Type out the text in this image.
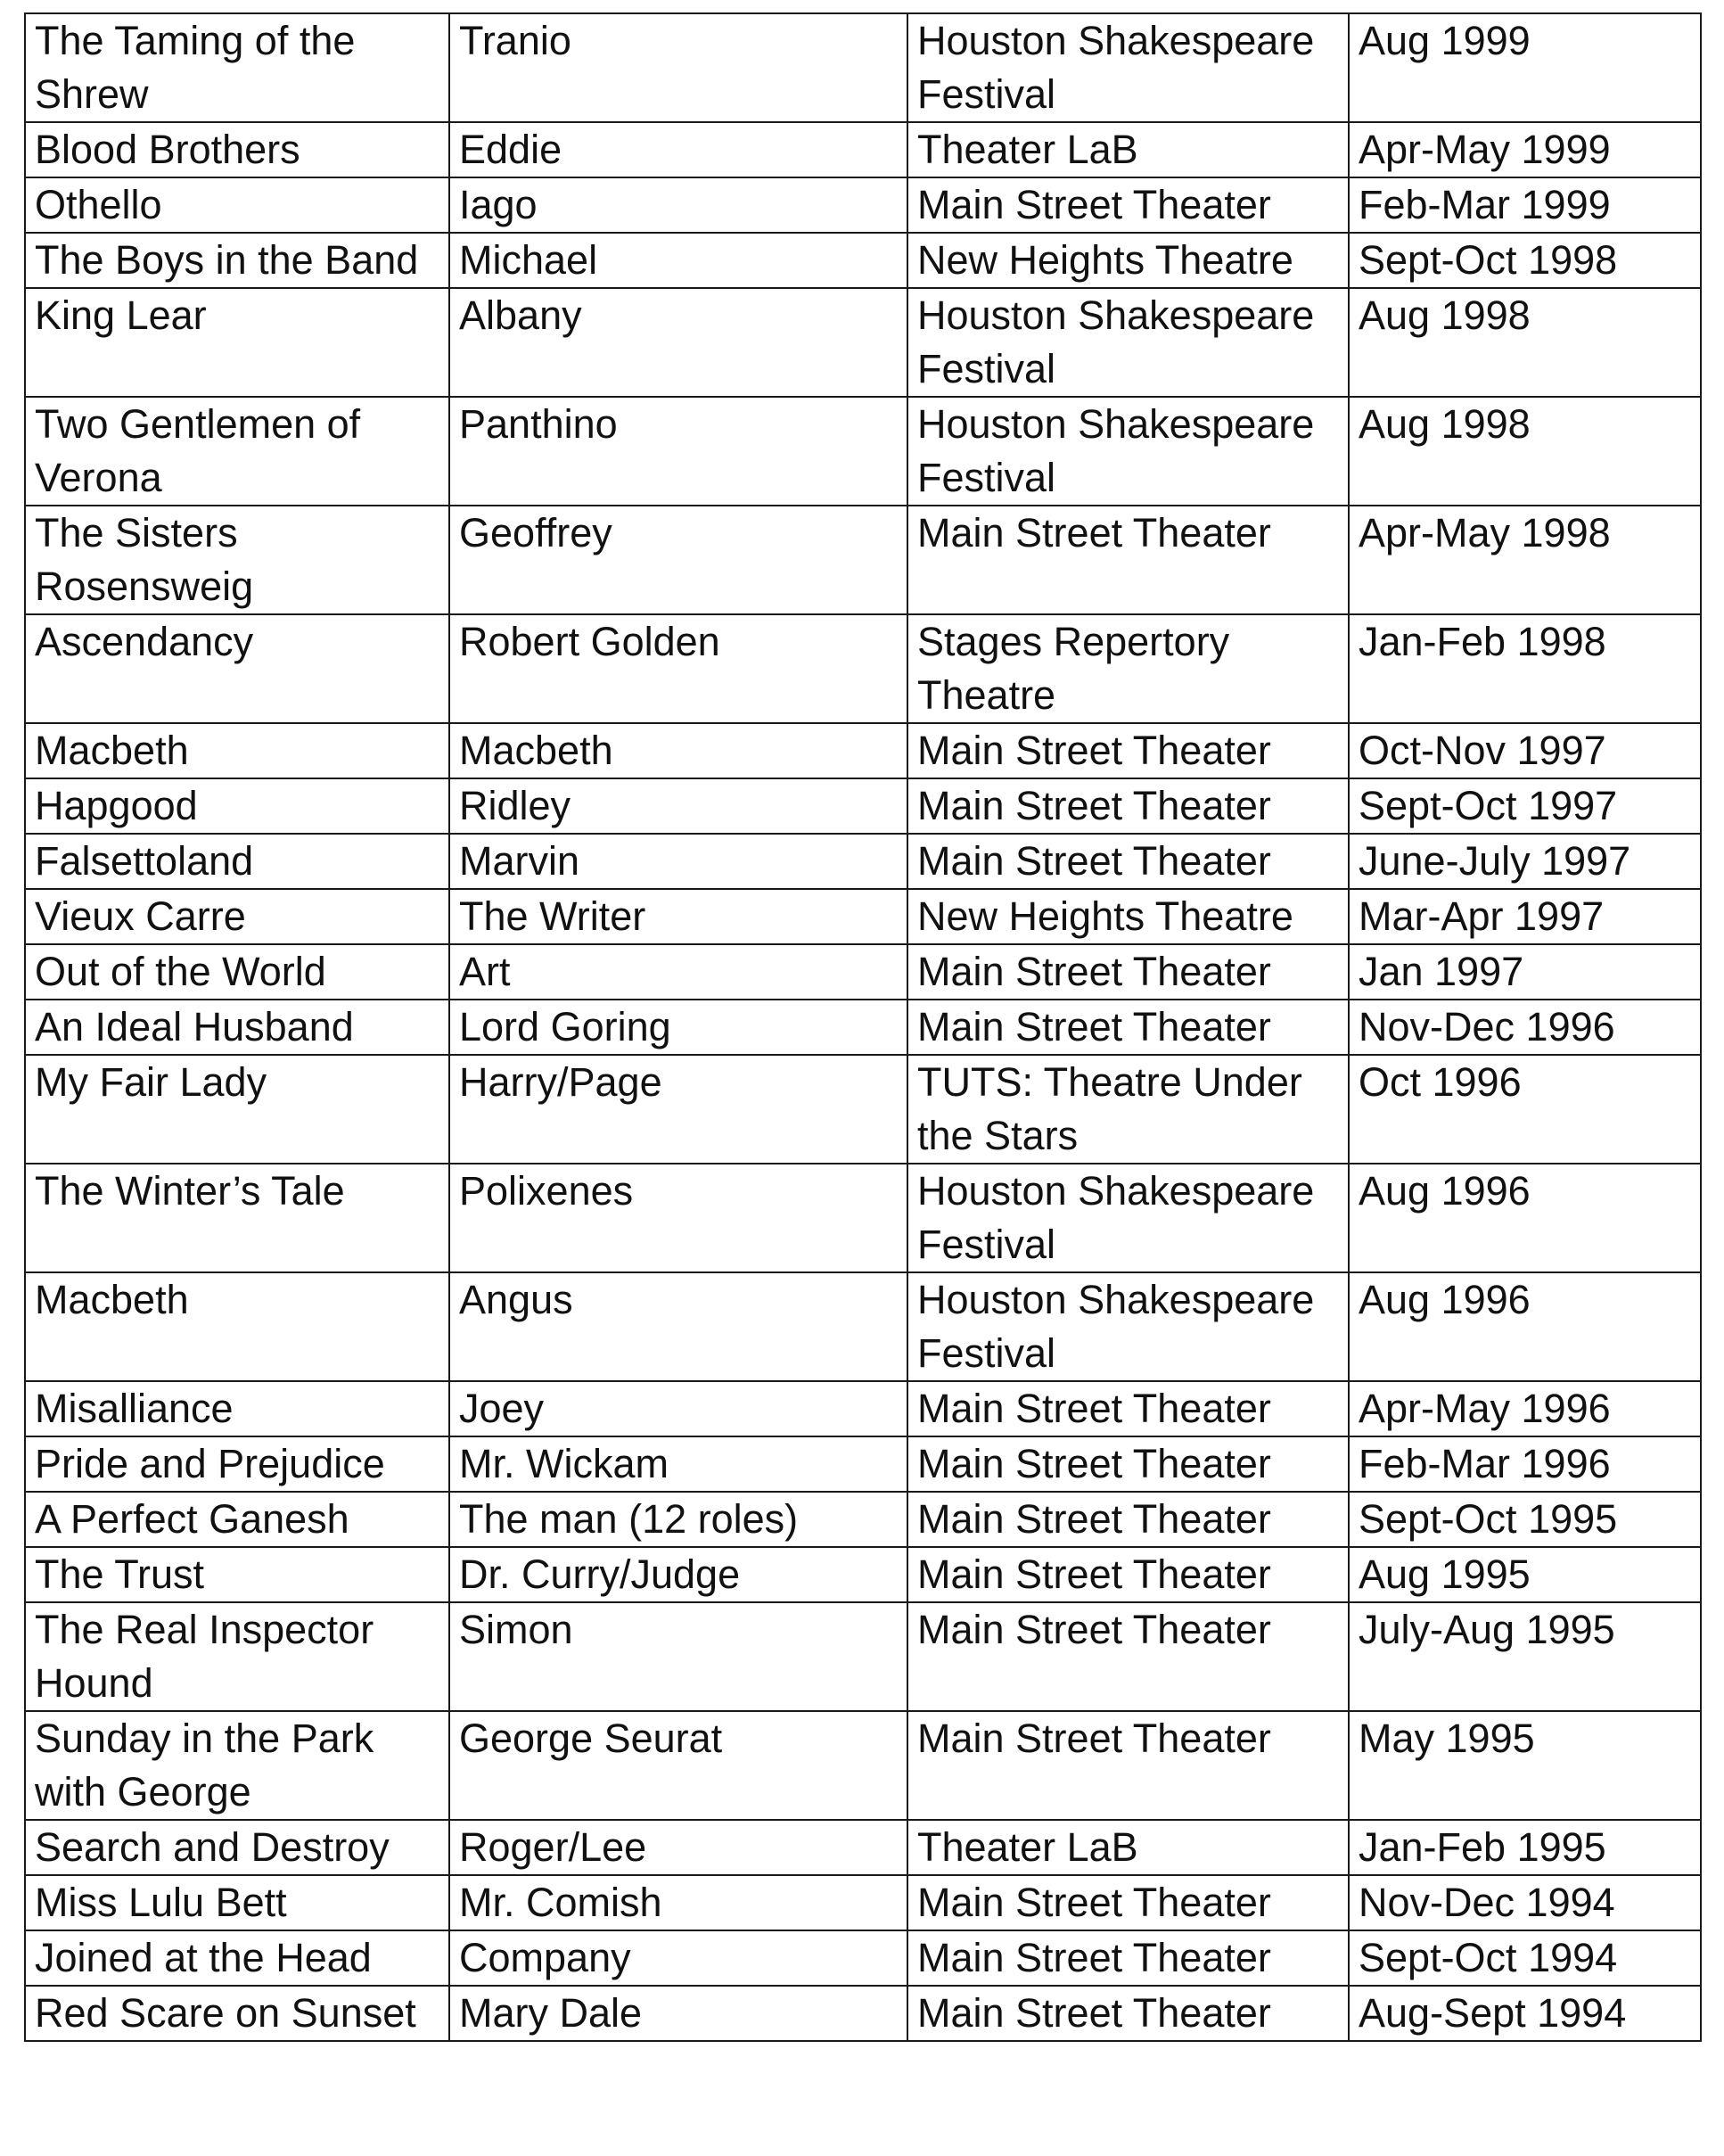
The Taming of the Shrew	Tranio	Houston Shakespeare Festival	Aug 1999
Blood Brothers	Eddie	Theater LaB	Apr-May 1999
Othello	Iago	Main Street Theater	Feb-Mar 1999
The Boys in the Band	Michael	New Heights Theatre	Sept-Oct 1998
King Lear	Albany	Houston Shakespeare Festival	Aug 1998
Two Gentlemen of Verona	Panthino	Houston Shakespeare Festival	Aug 1998
The Sisters Rosensweig	Geoffrey	Main Street Theater	Apr-May 1998
Ascendancy	Robert Golden	Stages Repertory Theatre	Jan-Feb 1998
Macbeth	Macbeth	Main Street Theater	Oct-Nov 1997
Hapgood	Ridley	Main Street Theater	Sept-Oct 1997
Falsettoland	Marvin	Main Street Theater	June-July 1997
Vieux Carre	The Writer	New Heights Theatre	Mar-Apr 1997
Out of the World	Art	Main Street Theater	Jan 1997
An Ideal Husband	Lord Goring	Main Street Theater	Nov-Dec 1996
My Fair Lady	Harry/Page	TUTS: Theatre Under the Stars	Oct 1996
The Winter’s Tale	Polixenes	Houston Shakespeare Festival	Aug 1996
Macbeth	Angus	Houston Shakespeare Festival	Aug 1996
Misalliance	Joey	Main Street Theater	Apr-May 1996
Pride and Prejudice	Mr. Wickam	Main Street Theater	Feb-Mar 1996
A Perfect Ganesh	The man (12 roles)	Main Street Theater	Sept-Oct 1995
The Trust	Dr. Curry/Judge	Main Street Theater	Aug 1995
The Real Inspector Hound	Simon	Main Street Theater	July-Aug 1995
Sunday in the Park with George	George Seurat	Main Street Theater	May 1995
Search and Destroy	Roger/Lee	Theater LaB	Jan-Feb 1995
Miss Lulu Bett	Mr. Comish	Main Street Theater	Nov-Dec 1994
Joined at the Head	Company	Main Street Theater	Sept-Oct 1994
Red Scare on Sunset	Mary Dale	Main Street Theater	Aug-Sept 1994
